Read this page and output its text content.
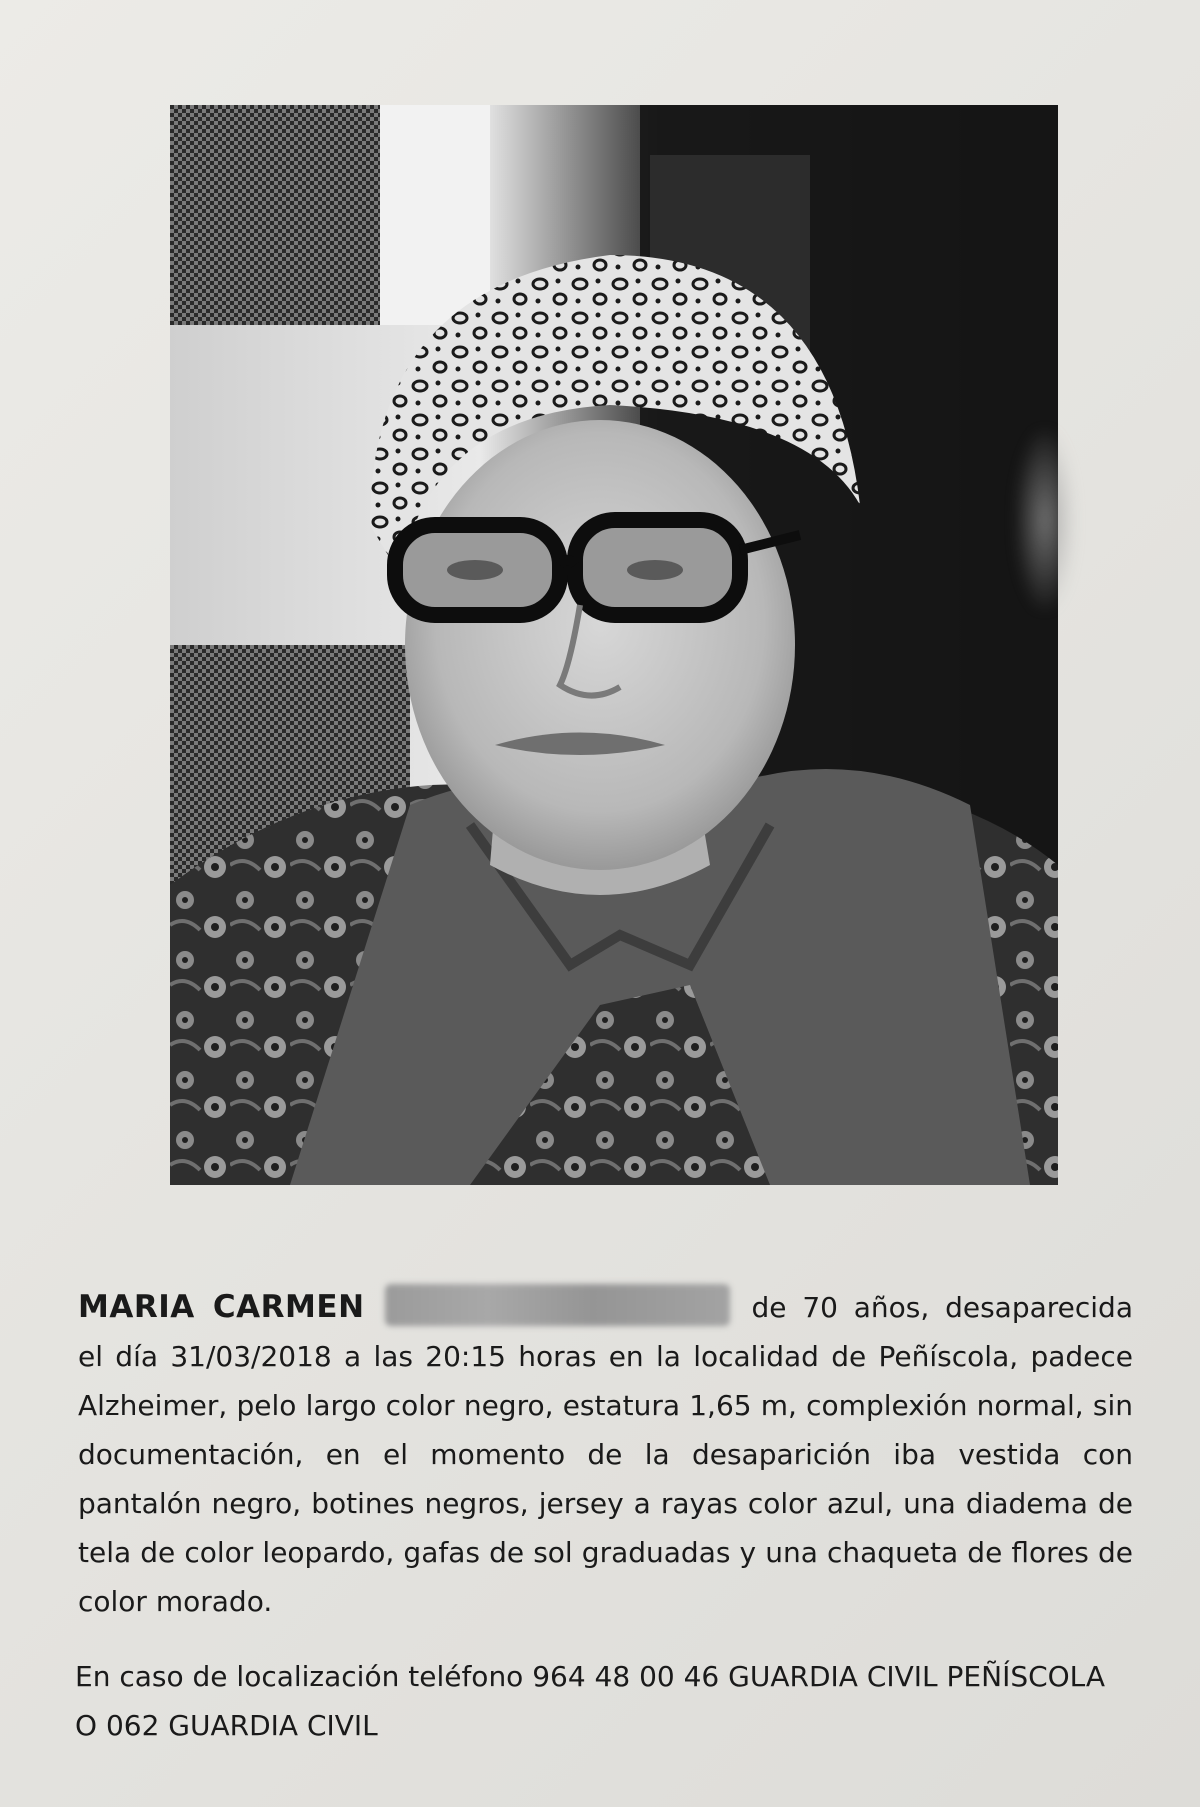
MARIA CARMEN	de 70 años, desaparecida el día 31/03/2018 a las 20:15 horas en la localidad de Peñíscola, padece Alzheimer, pelo largo color negro, estatura 1,65 m, complexión normal, sin documentación, en el momento de la desaparición iba vestida con pantalón negro, botines negros, jersey a rayas color azul, una diadema de tela de color leopardo, gafas de sol graduadas y una chaqueta de flores de color morado.
En caso de localización teléfono 964 48 00 46 GUARDIA CIVIL PEÑÍSCOLA
O 062 GUARDIA CIVIL
